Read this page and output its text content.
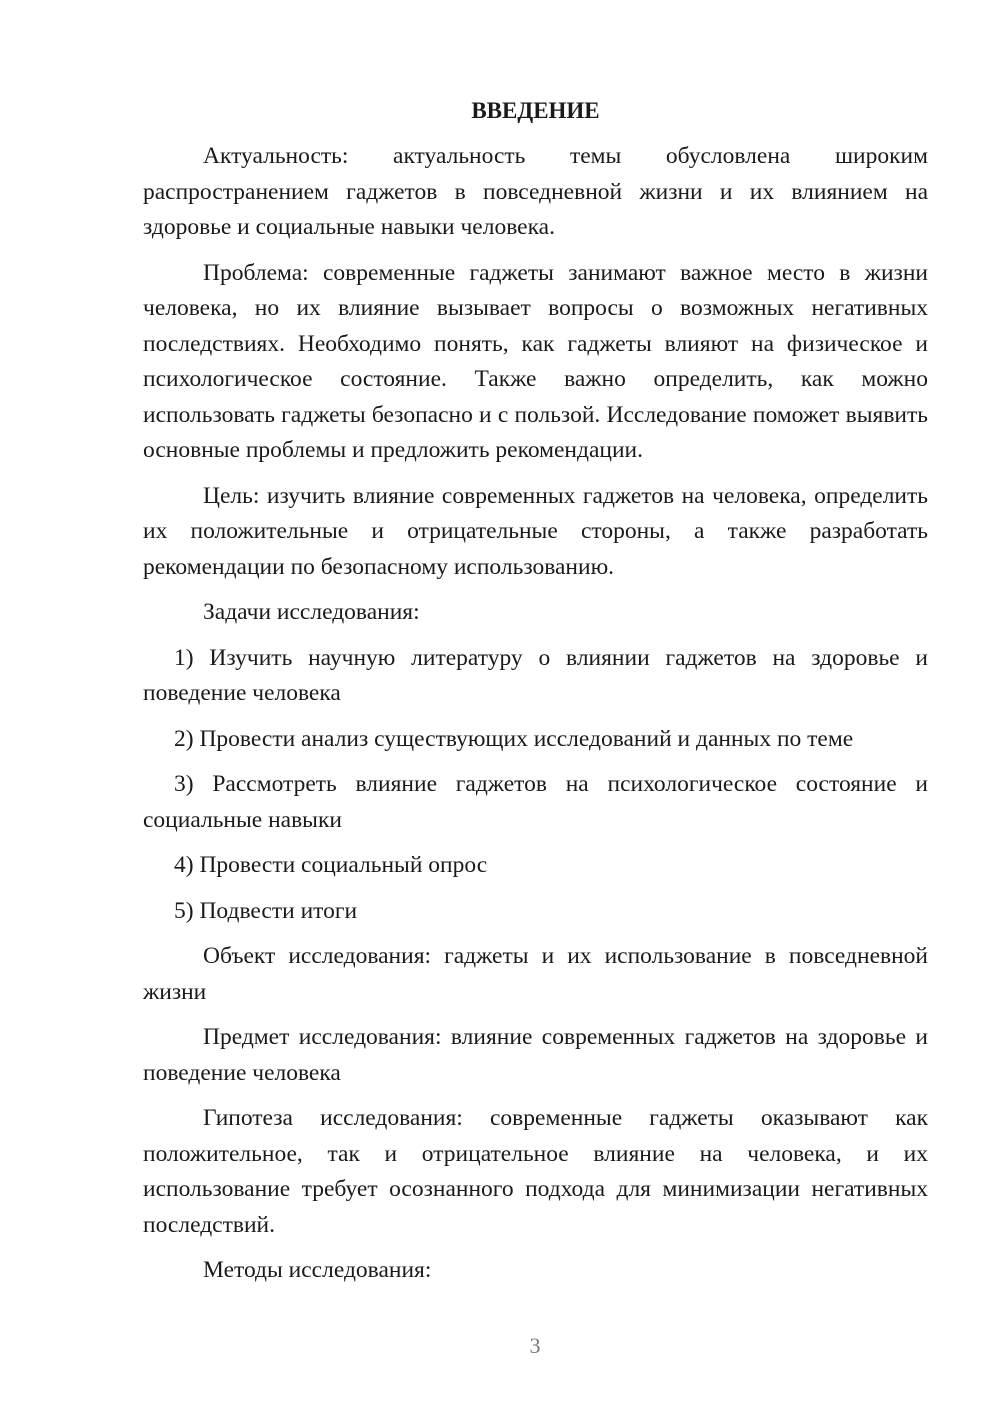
ВВЕДЕНИЕ

Актуальность: актуальность темы обусловлена широким распространением гаджетов в повседневной жизни и их влиянием на здоровье и социальные навыки человека.

Проблема: современные гаджеты занимают важное место в жизни человека, но их влияние вызывает вопросы о возможных негативных последствиях. Необходимо понять, как гаджеты влияют на физическое и психологическое состояние. Также важно определить, как можно использовать гаджеты безопасно и с пользой. Исследование поможет выявить основные проблемы и предложить рекомендации.

Цель: изучить влияние современных гаджетов на человека, определить их положительные и отрицательные стороны, а также разработать рекомендации по безопасному использованию.

Задачи исследования:

1) Изучить научную литературу о влиянии гаджетов на здоровье и поведение человека

2) Провести анализ существующих исследований и данных по теме

3) Рассмотреть влияние гаджетов на психологическое состояние и социальные навыки

4) Провести социальный опрос

5) Подвести итоги

Объект исследования: гаджеты и их использование в повседневной жизни

Предмет исследования: влияние современных гаджетов на здоровье и поведение человека

Гипотеза исследования: современные гаджеты оказывают как положительное, так и отрицательное влияние на человека, и их использование требует осознанного подхода для минимизации негативных последствий.

Методы исследования:

3
